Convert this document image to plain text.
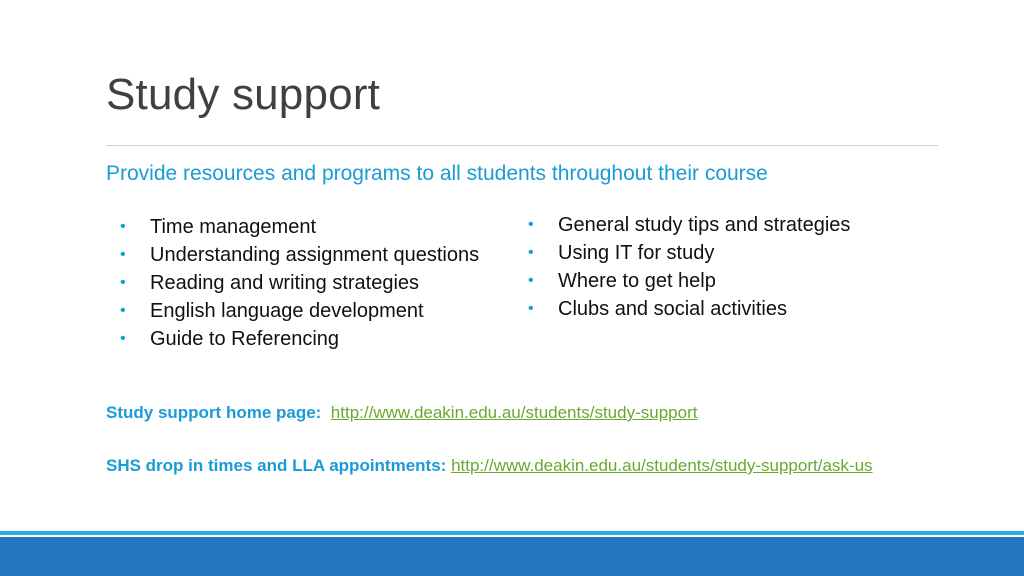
Study support
Provide resources and programs to all students throughout their course
• Time management
• Understanding assignment questions
• Reading and writing strategies
• English language development
• Guide to Referencing
• General study tips and strategies
• Using IT for study
• Where to get help
• Clubs and social activities
Study support home page: http://www.deakin.edu.au/students/study-support
SHS drop in times and LLA appointments: http://www.deakin.edu.au/students/study-support/ask-us
